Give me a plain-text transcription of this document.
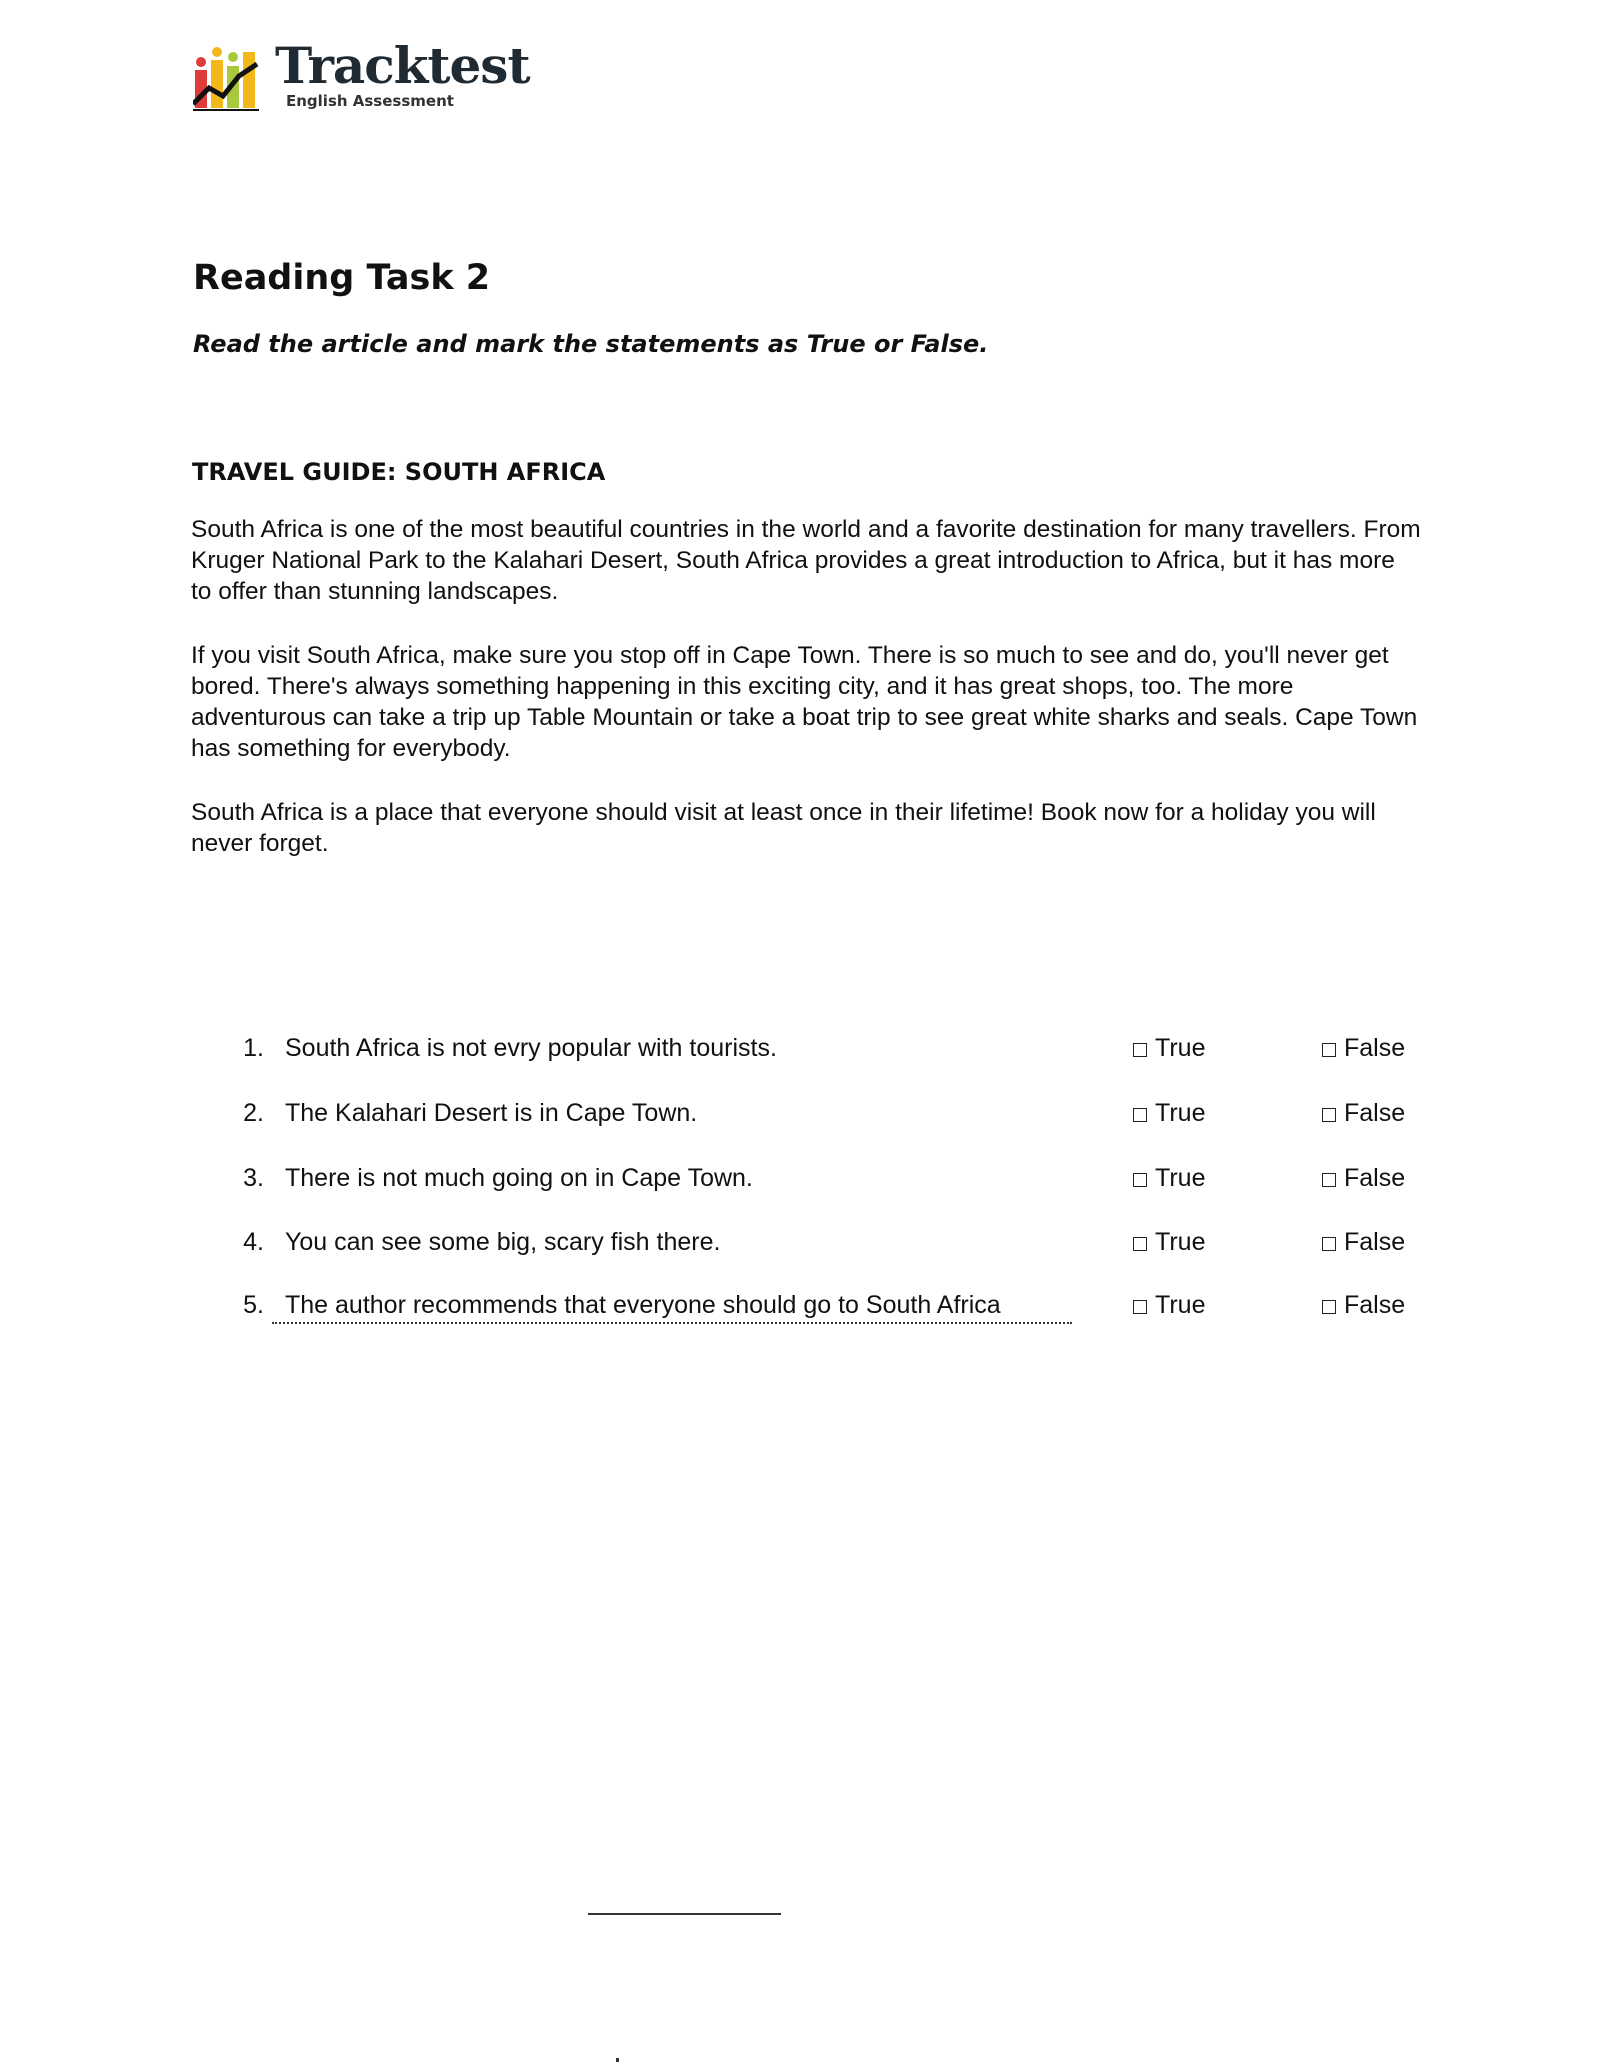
Tracktest
English Assessment
Reading Task 2

Read the article and mark the statements as True or False.

TRAVEL GUIDE: SOUTH AFRICA

South Africa is one of the most beautiful countries in the world and a favorite destination for many travellers. From Kruger National Park to the Kalahari Desert, South Africa provides a great introduction to Africa, but it has more to offer than stunning landscapes.

If you visit South Africa, make sure you stop off in Cape Town. There is so much to see and do, you'll never get bored. There's always something happening in this exciting city, and it has great shops, too. The more adventurous can take a trip up Table Mountain or take a boat trip to see great white sharks and seals. Cape Town has something for everybody.

South Africa is a place that everyone should visit at least once in their lifetime! Book now for a holiday you will never forget.

1. South Africa is not evry popular with tourists.	True	False
2. The Kalahari Desert is in Cape Town.	True	False
3. There is not much going on in Cape Town.	True	False
4. You can see some big, scary fish there.	True	False
5. The author recommends that everyone should go to South Africa	True	False
